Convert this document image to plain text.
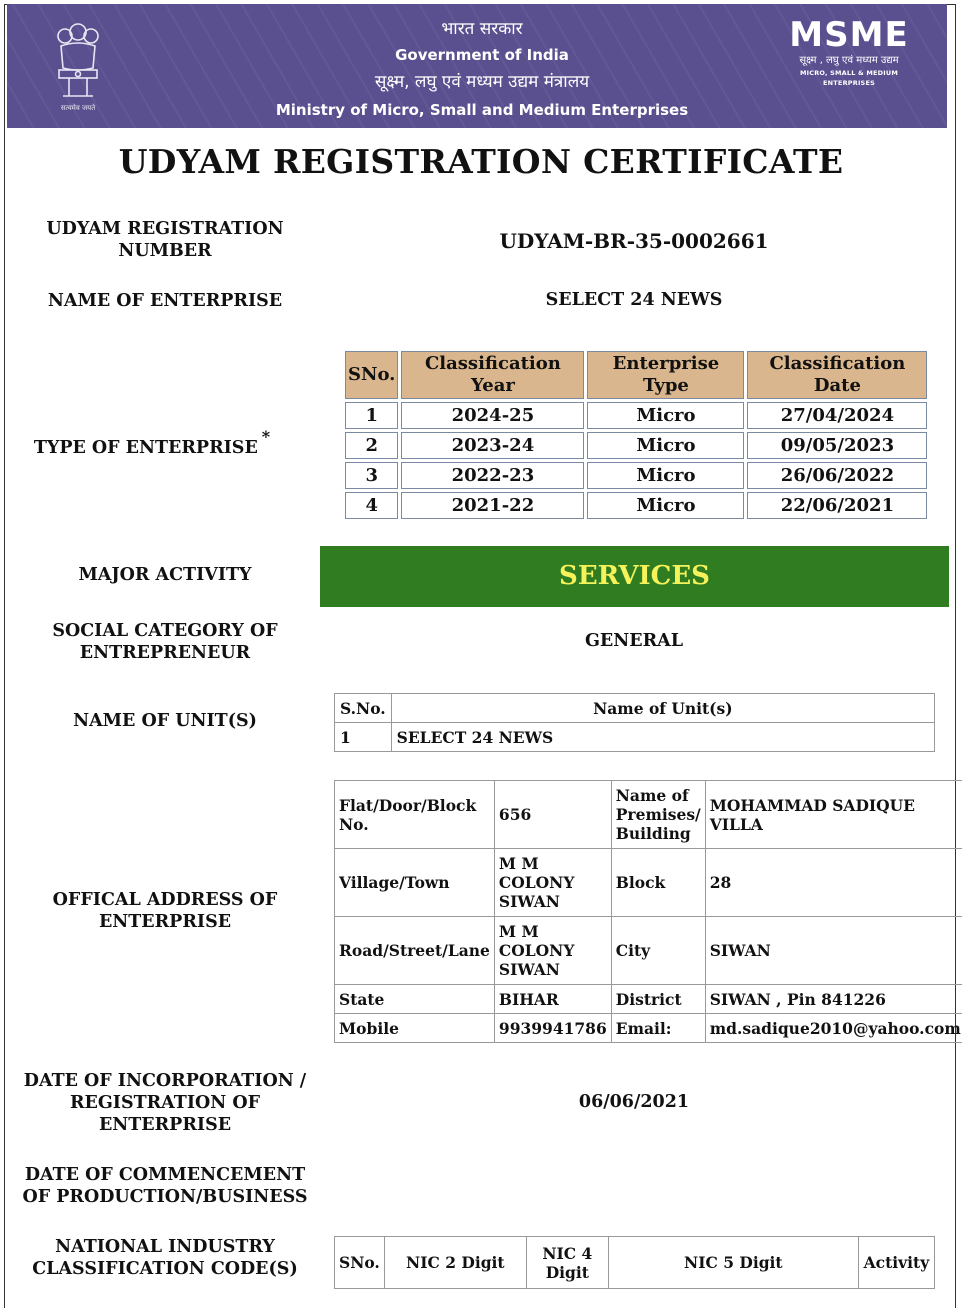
सत्यमेव जयते
भारत सरकार
Government of India
सूक्ष्म, लघु एवं मध्यम उद्यम मंत्रालय
Ministry of Micro, Small and Medium Enterprises
MSME
सूक्ष्म , लघु एवं मध्यम उद्यम
MICRO, SMALL & MEDIUM ENTERPRISES
UDYAM REGISTRATION CERTIFICATE
UDYAM REGISTRATION NUMBER	UDYAM-BR-35-0002661
NAME OF ENTERPRISE	SELECT 24 NEWS
TYPE OF ENTERPRISE*
SNo.	Classification Year	Enterprise Type	Classification Date
1	2024-25	Micro	27/04/2024
2	2023-24	Micro	09/05/2023
3	2022-23	Micro	26/06/2022
4	2021-22	Micro	22/06/2021
MAJOR ACTIVITY	SERVICES
SOCIAL CATEGORY OF ENTREPRENEUR
GENERAL
NAME OF UNIT(S)
S.No.	Name of Unit(s)
1	SELECT 24 NEWS
OFFICAL ADDRESS OF ENTERPRISE
Flat/Door/Block No.	656	Name of Premises/ Building	MOHAMMAD SADIQUE VILLA
Village/Town	M M COLONY SIWAN	Block	28
Road/Street/Lane	M M COLONY SIWAN	City	SIWAN
State	BIHAR	District	SIWAN , Pin 841226
Mobile	9939941786	Email:	md.sadique2010@yahoo.com
DATE OF INCORPORATION / REGISTRATION OF ENTERPRISE
06/06/2021
DATE OF COMMENCEMENT OF PRODUCTION/BUSINESS
NATIONAL INDUSTRY CLASSIFICATION CODE(S)	SNo.	NIC 2 Digit	NIC 4 Digit	NIC 5 Digit	Activity
